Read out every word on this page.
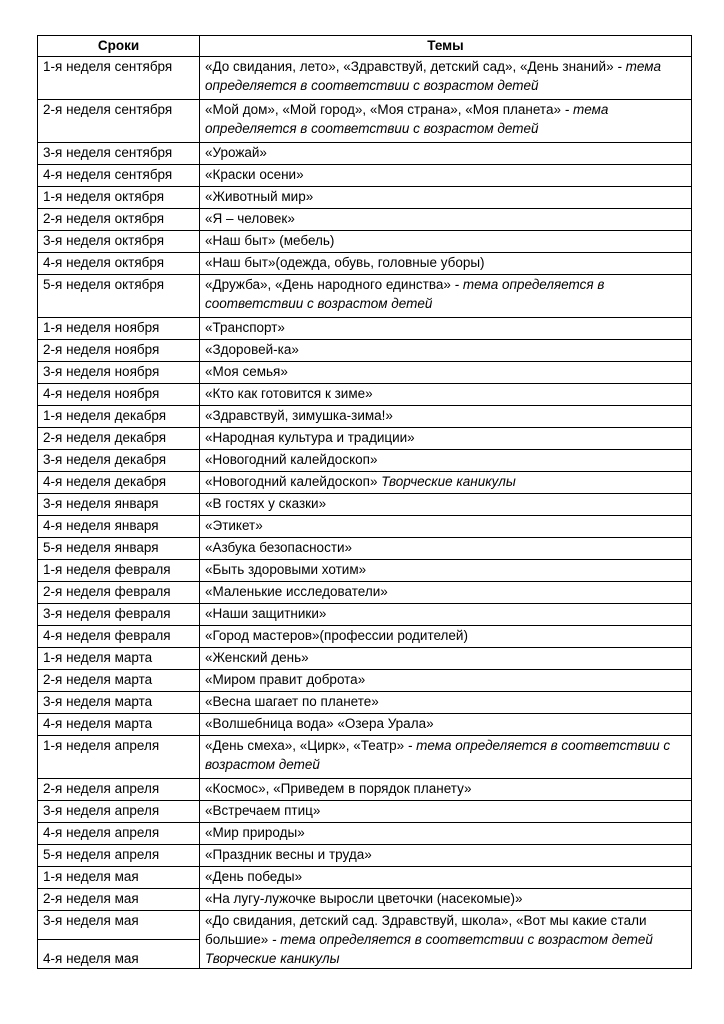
Сроки	Темы
1-я неделя сентября	«До свидания, лето», «Здравствуй, детский сад», «День знаний» - тема определяется в соответствии с возрастом детей
2-я неделя сентября	«Мой дом», «Мой город», «Моя страна», «Моя планета» - тема определяется в соответствии с возрастом детей
3-я неделя сентября	«Урожай»
4-я неделя сентября	«Краски осени»
1-я неделя октября	«Животный мир»
2-я неделя октября	«Я – человек»
3-я неделя октября	«Наш быт» (мебель)
4-я неделя октября	«Наш быт»(одежда, обувь, головные уборы)
5-я неделя октября	«Дружба», «День народного единства» - тема определяется в соответствии с возрастом детей
1-я неделя ноября	«Транспорт»
2-я неделя ноября	«Здоровей-ка»
3-я неделя ноября	«Моя семья»
4-я неделя ноября	«Кто как готовится к зиме»
1-я неделя декабря	«Здравствуй, зимушка-зима!»
2-я неделя декабря	«Народная культура и традиции»
3-я неделя декабря	«Новогодний калейдоскоп»
4-я неделя декабря	«Новогодний калейдоскоп» Творческие каникулы
3-я неделя января	«В гостях у сказки»
4-я неделя января	«Этикет»
5-я неделя января	«Азбука безопасности»
1-я неделя февраля	«Быть здоровыми хотим»
2-я неделя февраля	«Маленькие исследователи»
3-я неделя февраля	«Наши защитники»
4-я неделя февраля	«Город мастеров»(профессии родителей)
1-я неделя марта	«Женский день»
2-я неделя марта	«Миром правит доброта»
3-я неделя марта	«Весна шагает по планете»
4-я неделя марта	«Волшебница вода» «Озера Урала»
1-я неделя апреля	«День смеха», «Цирк», «Театр» - тема определяется в соответствии с возрастом детей
2-я неделя апреля	«Космос», «Приведем в порядок планету»
3-я неделя апреля	«Встречаем птиц»
4-я неделя апреля	«Мир природы»
5-я неделя апреля	«Праздник весны и труда»
1-я неделя мая	«День победы»
2-я неделя мая	«На лугу-лужочке выросли цветочки (насекомые)»
3-я неделя мая	«До свидания, детский сад. Здравствуй, школа», «Вот мы какие стали большие» - тема определяется в соответствии с возрастом детей Творческие каникулы
4-я неделя мая	
